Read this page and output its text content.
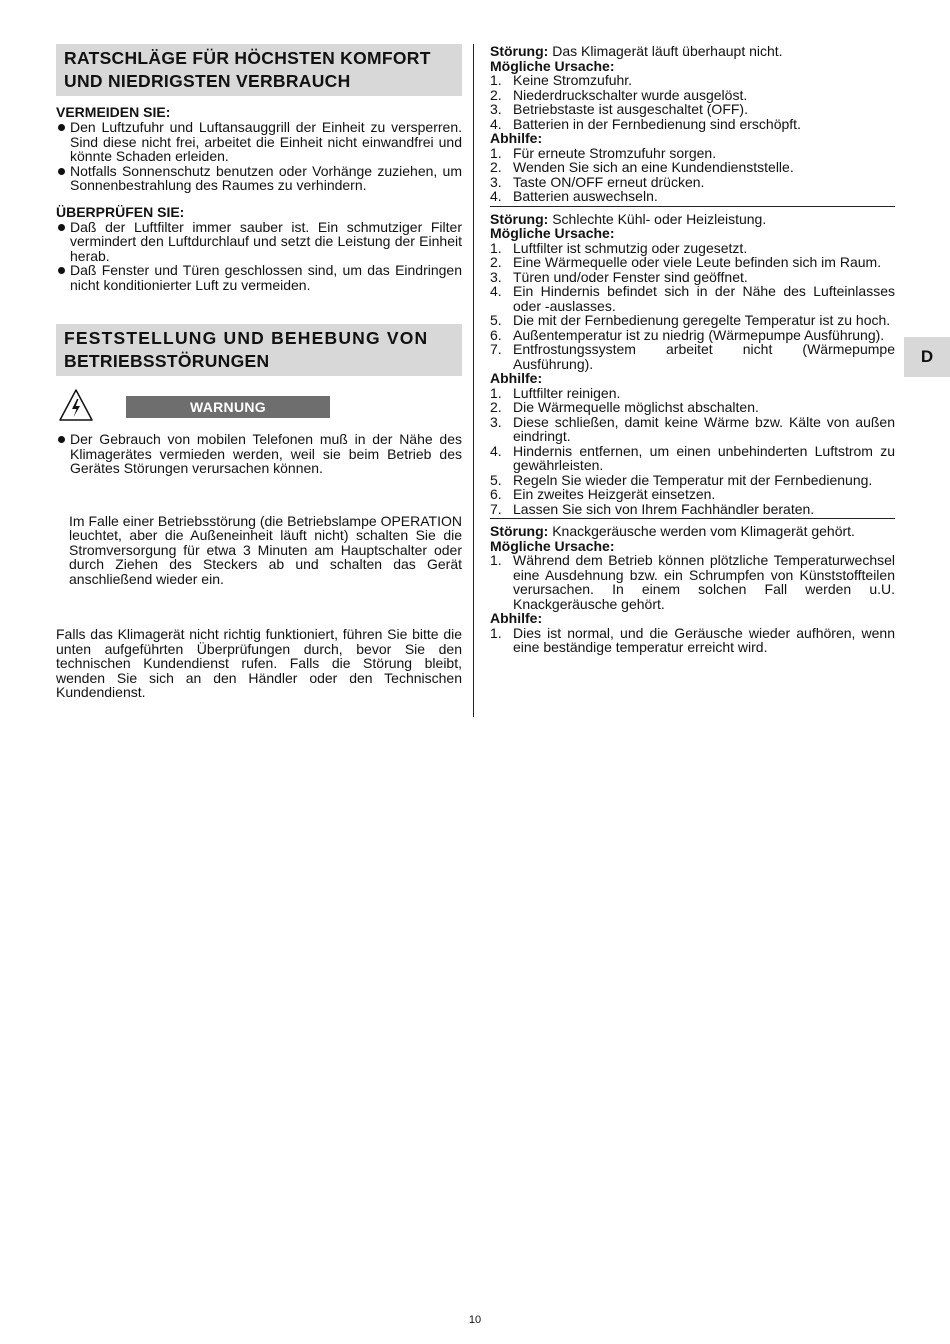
RATSCHLÄGE FÜR HÖCHSTEN KOMFORT
UND NIEDRIGSTEN VERBRAUCH
VERMEIDEN SIE:
Den Luftzufuhr und Luftansauggrill der Einheit zu versperren. Sind diese nicht frei, arbeitet die Einheit nicht einwandfrei und könnte Schaden erleiden.
Notfalls Sonnenschutz benutzen oder Vorhänge zuziehen, um Sonnenbestrahlung des Raumes zu verhindern.
ÜBERPRÜFEN SIE:
Daß der Luftfilter immer sauber ist. Ein schmutziger Filter vermindert den Luftdurchlauf und setzt die Leistung der Einheit herab.
Daß Fenster und Türen geschlossen sind, um das Eindringen nicht konditionierter Luft zu vermeiden.
FESTSTELLUNG UND BEHEBUNG VON
BETRIEBSSTÖRUNGEN
WARNUNG
Der Gebrauch von mobilen Telefonen muß in der Nähe des Klimagerätes vermieden werden, weil sie beim Betrieb des Gerätes Störungen verursachen können.

Im Falle einer Betriebsstörung (die Betriebslampe OPERATION leuchtet, aber die Außeneinheit läuft nicht) schalten Sie die Stromversorgung für etwa 3 Minuten am Hauptschalter oder durch Ziehen des Steckers ab und schalten das Gerät anschließend wieder ein.

Falls das Klimagerät nicht richtig funktioniert, führen Sie bitte die unten aufgeführten Überprüfungen durch, bevor Sie den technischen Kundendienst rufen. Falls die Störung bleibt, wenden Sie sich an den Händler oder den Technischen Kundendienst.

Störung: Das Klimagerät läuft überhaupt nicht.
Mögliche Ursache:
1. Keine Stromzufuhr.
2. Niederdruckschalter wurde ausgelöst.
3. Betriebstaste ist ausgeschaltet (OFF).
4. Batterien in der Fernbedienung sind erschöpft.
Abhilfe:
1. Für erneute Stromzufuhr sorgen.
2. Wenden Sie sich an eine Kundendienststelle.
3. Taste ON/OFF erneut drücken.
4. Batterien auswechseln.
Störung: Schlechte Kühl- oder Heizleistung.
Mögliche Ursache:
1. Luftfilter ist schmutzig oder zugesetzt.
2. Eine Wärmequelle oder viele Leute befinden sich im Raum.
3. Türen und/oder Fenster sind geöffnet.
4. Ein Hindernis befindet sich in der Nähe des Lufteinlasses oder -auslasses.
5. Die mit der Fernbedienung geregelte Temperatur ist zu hoch.
6. Außentemperatur ist zu niedrig (Wärmepumpe Ausführung).
7. Entfrostungssystem arbeitet nicht (Wärmepumpe Ausführung).
Abhilfe:
1. Luftfilter reinigen.
2. Die Wärmequelle möglichst abschalten.
3. Diese schließen, damit keine Wärme bzw. Kälte von außen eindringt.
4. Hindernis entfernen, um einen unbehinderten Luftstrom zu gewährleisten.
5. Regeln Sie wieder die Temperatur mit der Fernbedienung.
6. Ein zweites Heizgerät einsetzen.
7. Lassen Sie sich von Ihrem Fachhändler beraten.
Störung: Knackgeräusche werden vom Klimagerät gehört.
Mögliche Ursache:
1. Während dem Betrieb können plötzliche Temperaturwechsel eine Ausdehnung bzw. ein Schrumpfen von Künststoffteilen verursachen. In einem solchen Fall werden u.U. Knackgeräusche gehört.
Abhilfe:
1. Dies ist normal, und die Geräusche wieder aufhören, wenn eine beständige temperatur erreicht wird.
D
10
